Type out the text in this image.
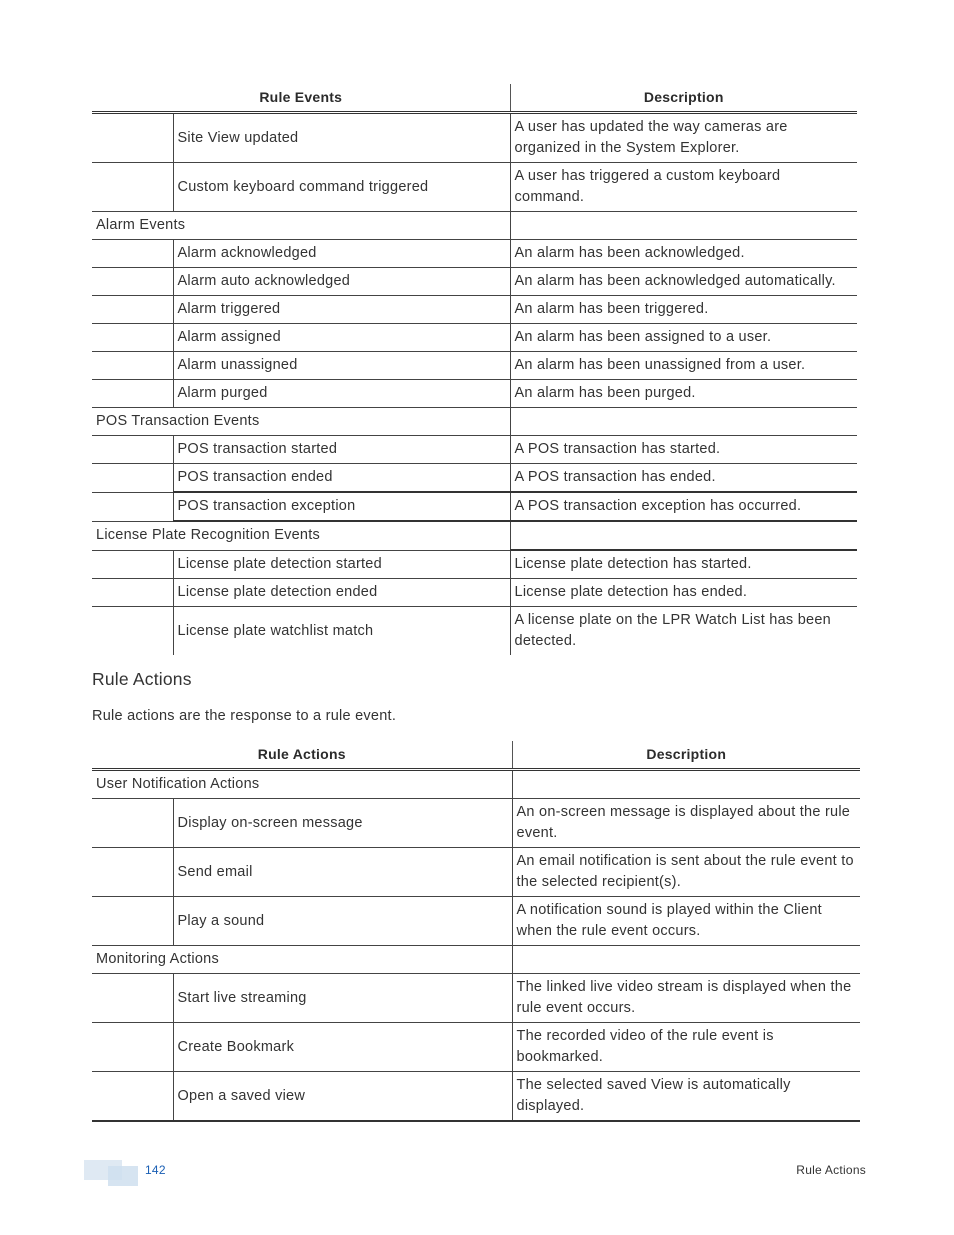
Rule Events		Description
	Site View updated	A user has updated the way cameras are organized in the System Explorer.
	Custom keyboard command triggered	A user has triggered a custom keyboard command.
Alarm Events		
	Alarm acknowledged	An alarm has been acknowledged.
	Alarm auto acknowledged	An alarm has been acknowledged automatically.
	Alarm triggered	An alarm has been triggered.
	Alarm assigned	An alarm has been assigned to a user.
	Alarm unassigned	An alarm has been unassigned from a user.
	Alarm purged	An alarm has been purged.
POS Transaction Events		
	POS transaction started	A POS transaction has started.
	POS transaction ended	A POS transaction has ended.
	POS transaction exception	A POS transaction exception has occurred.
License Plate Recognition Events		
	License plate detection started	License plate detection has started.
	License plate detection ended	License plate detection has ended.
	License plate watchlist match	A license plate on the LPR Watch List has been detected.
Rule Actions
Rule actions are the response to a rule event.
Rule Actions		Description
User Notification Actions		
	Display on-screen message	An on-screen message is displayed about the rule event.
	Send email	An email notification is sent about the rule event to the selected recipient(s).
	Play a sound	A notification sound is played within the Client when the rule event occurs.
Monitoring Actions		
	Start live streaming	The linked live video stream is displayed when the rule event occurs.
	Create Bookmark	The recorded video of the rule event is bookmarked.
	Open a saved view	The selected saved View is automatically displayed.
142	Rule Actions
